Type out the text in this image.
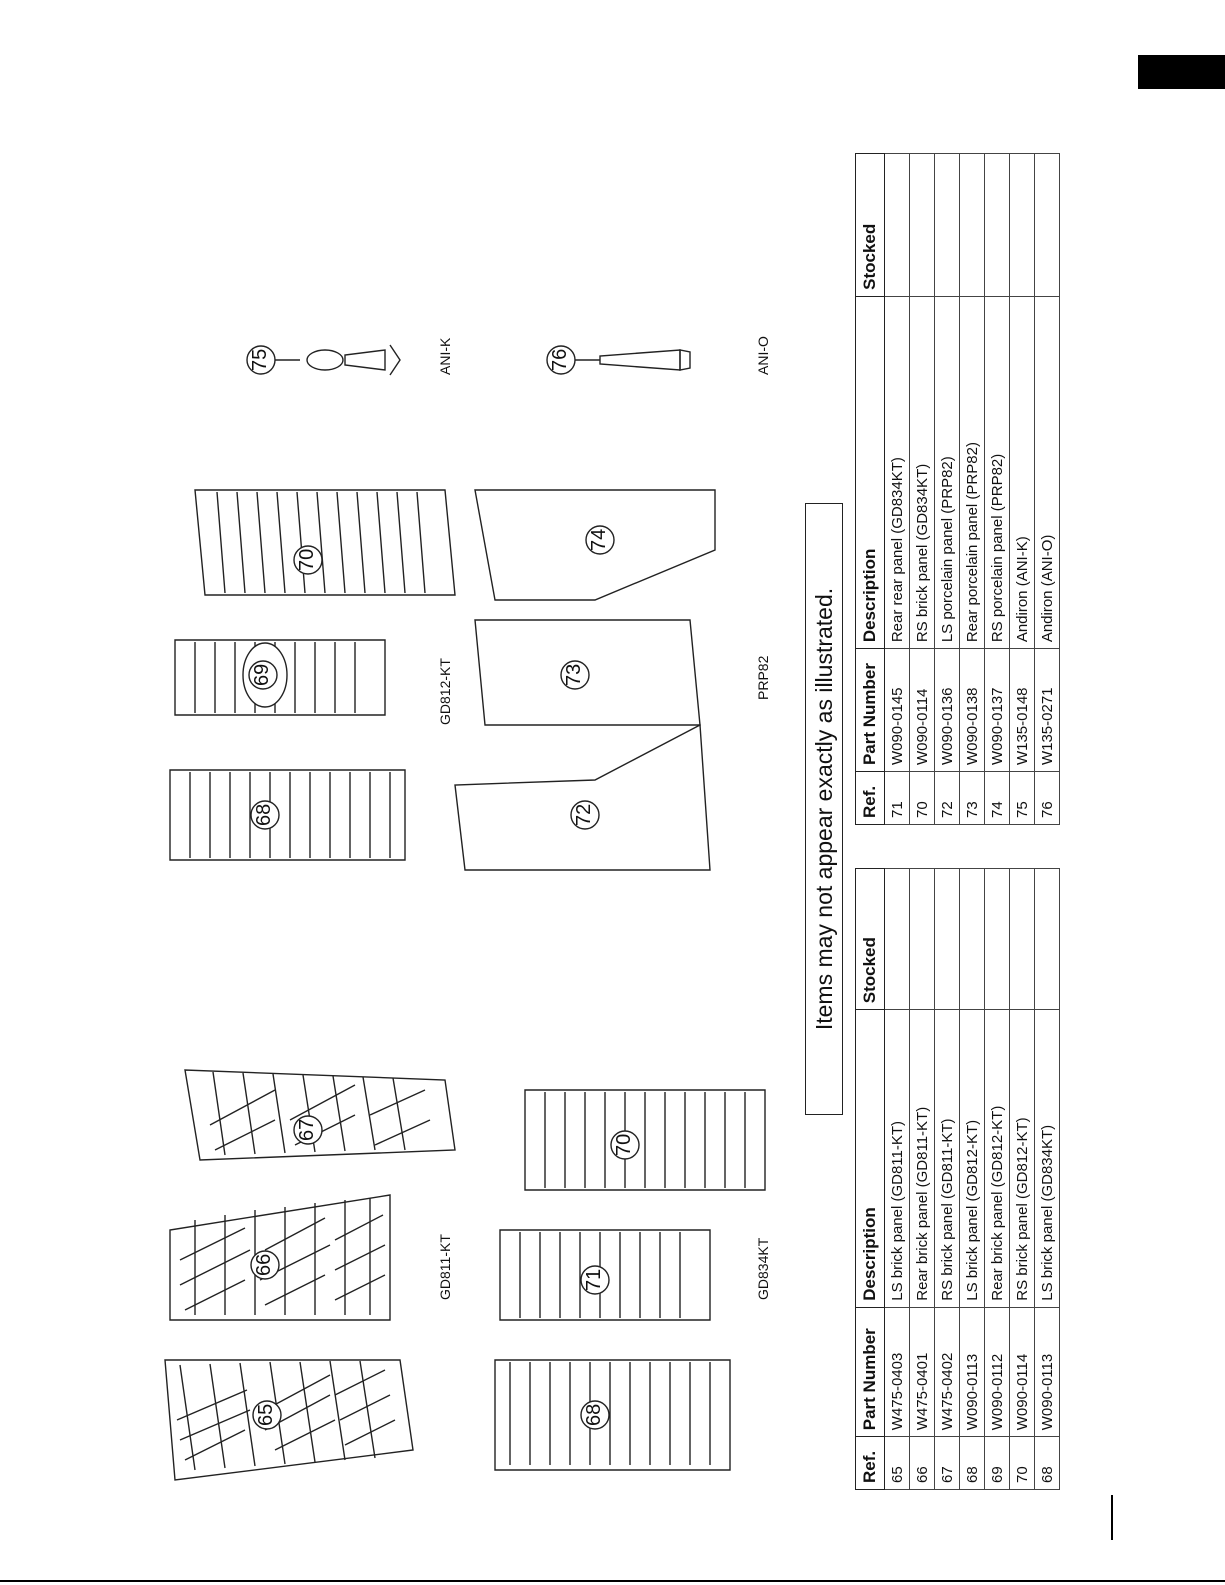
65
66
67
68
71
70
68
69
70
72
73
74
75	76
GD811-KT	GD834KT
GD812-KT	PRP82
ANI-K	ANI-O
Items may not appear exactly as illustrated.
Ref.	Part Number	Description	Stocked
65	W475-0403	LS brick panel (GD811-KT)	
66	W475-0401	Rear brick panel (GD811-KT)	
67	W475-0402	RS brick panel (GD811-KT)	
68	W090-0113	LS brick panel (GD812-KT)	
69	W090-0112	Rear brick panel (GD812-KT)	
70	W090-0114	RS brick panel (GD812-KT)	
68	W090-0113	LS brick panel (GD834KT)	
Ref.	Part Number	Description	Stocked
71	W090-0145	Rear rear panel (GD834KT)	
70	W090-0114	RS brick panel (GD834KT)	
72	W090-0136	LS porcelain panel (PRP82)	
73	W090-0138	Rear porcelain panel (PRP82)	
74	W090-0137	RS porcelain panel (PRP82)	
75	W135-0148	Andiron (ANI-K)	
76	W135-0271	Andiron (ANI-O)	
